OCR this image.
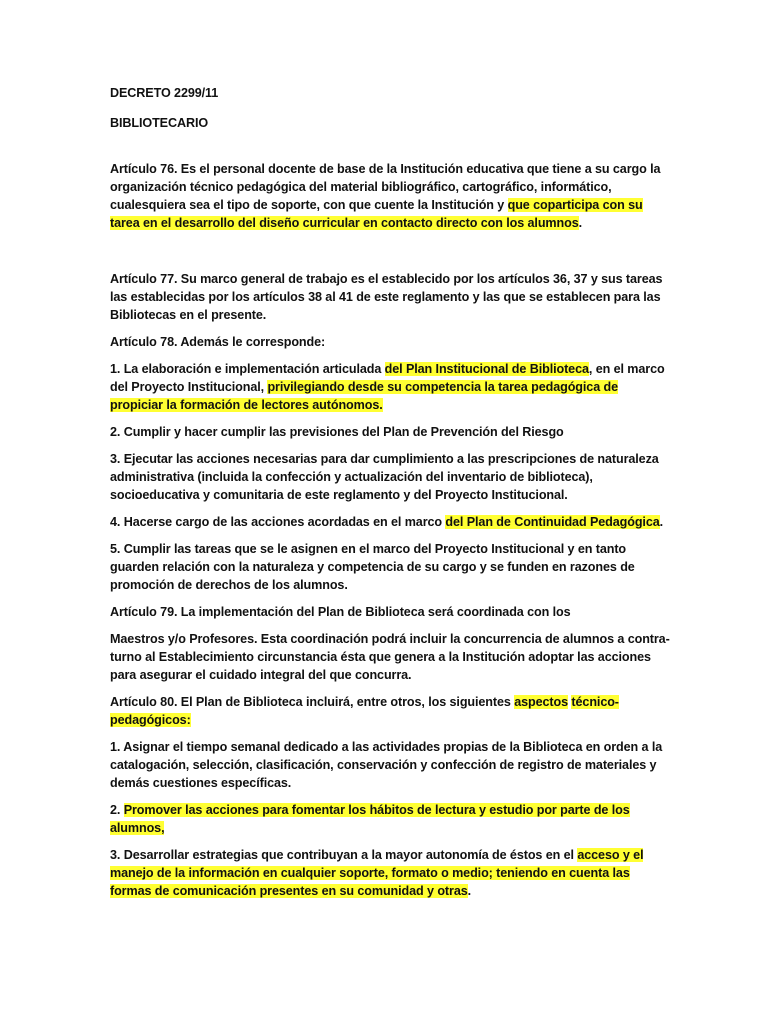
DECRETO 2299/11

BIBLIOTECARIO

Artículo 76. Es el personal docente de base de la Institución educativa que tiene a su cargo la organización técnico pedagógica del material bibliográfico, cartográfico, informático, cualesquiera sea el tipo de soporte, con que cuente la Institución y que coparticipa con su tarea en el desarrollo del diseño curricular en contacto directo con los alumnos.

Artículo 77. Su marco general de trabajo es el establecido por los artículos 36, 37 y sus tareas las establecidas por los artículos 38 al 41 de este reglamento y las que se establecen para las Bibliotecas en el presente.

Artículo 78. Además le corresponde:

1. La elaboración e implementación articulada del Plan Institucional de Biblioteca, en el marco del Proyecto Institucional, privilegiando desde su competencia la tarea pedagógica de propiciar la formación de lectores autónomos.

2. Cumplir y hacer cumplir las previsiones del Plan de Prevención del Riesgo

3. Ejecutar las acciones necesarias para dar cumplimiento a las prescripciones de naturaleza administrativa (incluida la confección y actualización del inventario de biblioteca), socioeducativa y comunitaria de este reglamento y del Proyecto Institucional.

4. Hacerse cargo de las acciones acordadas en el marco del Plan de Continuidad Pedagógica.

5. Cumplir las tareas que se le asignen en el marco del Proyecto Institucional y en tanto guarden relación con la naturaleza y competencia de su cargo y se funden en razones de promoción de derechos de los alumnos.

Artículo 79. La implementación del Plan de Biblioteca será coordinada con los

Maestros y/o Profesores. Esta coordinación podrá incluir la concurrencia de alumnos a contra-turno al Establecimiento circunstancia ésta que genera a la Institución adoptar las acciones para asegurar el cuidado integral del que concurra.

Artículo 80. El Plan de Biblioteca incluirá, entre otros, los siguientes aspectos técnico-pedagógicos:

1. Asignar el tiempo semanal dedicado a las actividades propias de la Biblioteca en orden a la catalogación, selección, clasificación, conservación y confección de registro de materiales y demás cuestiones específicas.

2. Promover las acciones para fomentar los hábitos de lectura y estudio por parte de los alumnos,

3. Desarrollar estrategias que contribuyan a la mayor autonomía de éstos en el acceso y el manejo de la información en cualquier soporte, formato o medio; teniendo en cuenta las formas de comunicación presentes en su comunidad y otras.
